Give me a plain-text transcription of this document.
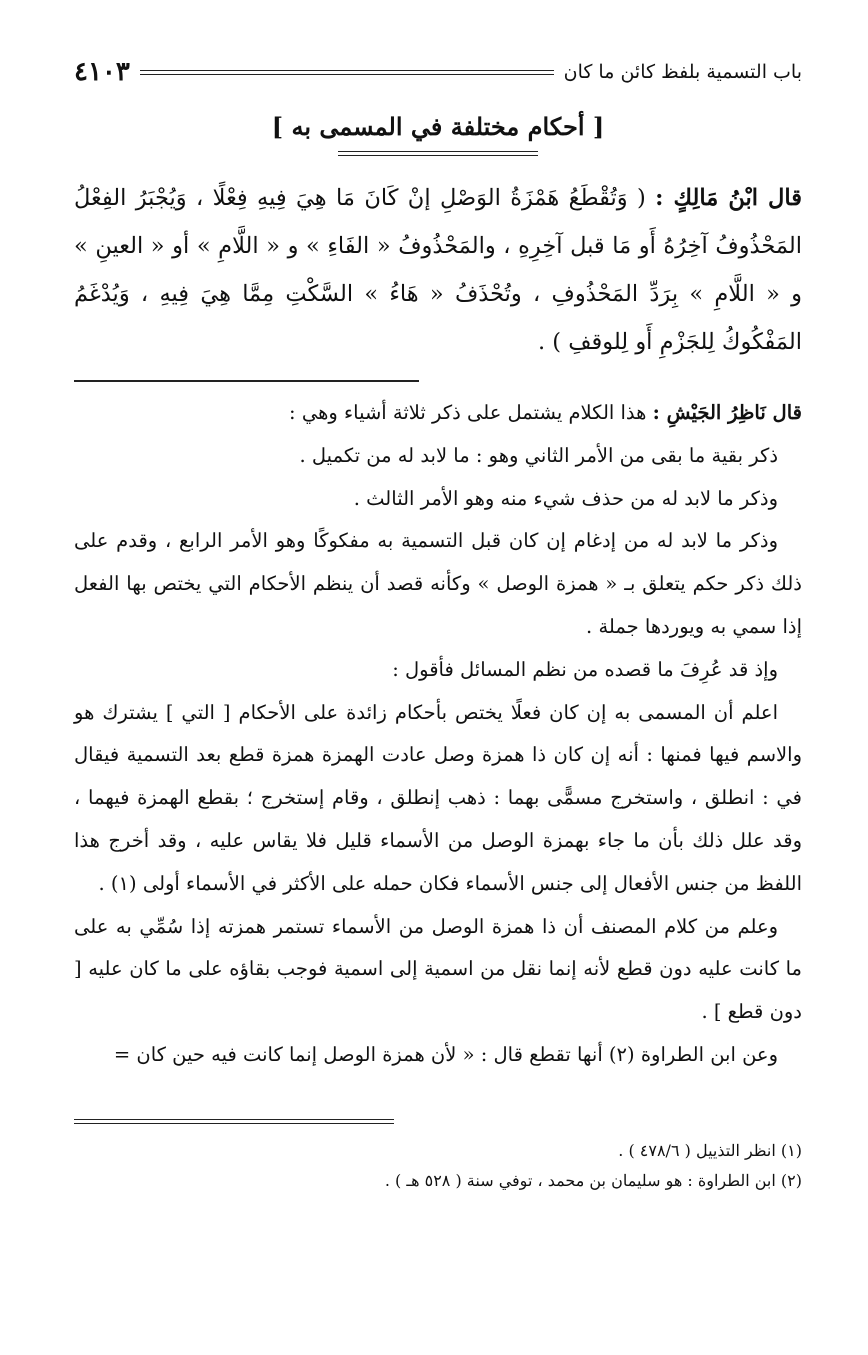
باب التسمية بلفظ كائن ما كان
٤١٠٣
[ أحكام مختلفة في المسمى به ]
قال ابْنُ مَالِكٍ : ( وَتُقْطَعُ هَمْزَةُ الوَصْلِ إنْ كَانَ مَا هِيَ فِيهِ فِعْلًا ، وَيُجْبَرُ الفِعْلُ المَحْذُوفُ آخِرُهُ أَو مَا قبل آخِرِهِ ، والمَحْذُوفُ « الفَاءِ » و « اللَّامِ » أو « العينِ » و « اللَّامِ » بِرَدِّ المَحْذُوفِ ، وتُحْذَفُ « هَاءُ » السَّكْتِ مِمَّا هِيَ فِيهِ ، وَيُدْغَمُ المَفْكُوكُ لِلجَزْمِ أَو لِلوقفِ ) .

قال نَاظِرُ الجَيْشِ : هذا الكلام يشتمل على ذكر ثلاثة أشياء وهي :

ذكر بقية ما بقى من الأمر الثاني وهو : ما لابد له من تكميل .

وذكر ما لابد له من حذف شيء منه وهو الأمر الثالث .

وذكر ما لابد له من إدغام إن كان قبل التسمية به مفكوكًا وهو الأمر الرابع ، وقدم على ذلك ذكر حكم يتعلق بـ « همزة الوصل » وكأنه قصد أن ينظم الأحكام التي يختص بها الفعل إذا سمي به ويوردها جملة .

وإذ قد عُرِفَ ما قصده من نظم المسائل فأقول :

اعلم أن المسمى به إن كان فعلًا يختص بأحكام زائدة على الأحكام [ التي ] يشترك هو والاسم فيها فمنها : أنه إن كان ذا همزة وصل عادت الهمزة همزة قطع بعد التسمية فيقال في : انطلق ، واستخرج مسمًّى بهما : ذهب إنطلق ، وقام إستخرج ؛ بقطع الهمزة فيهما ، وقد علل ذلك بأن ما جاء بهمزة الوصل من الأسماء قليل فلا يقاس عليه ، وقد أخرج هذا اللفظ من جنس الأفعال إلى جنس الأسماء فكان حمله على الأكثر في الأسماء أولى (١) .

وعلم من كلام المصنف أن ذا همزة الوصل من الأسماء تستمر همزته إذا سُمِّي به على ما كانت عليه دون قطع لأنه إنما نقل من اسمية إلى اسمية فوجب بقاؤه على ما كان عليه [ دون قطع ] .

وعن ابن الطراوة (٢) أنها تقطع قال : « لأن همزة الوصل إنما كانت فيه حين كان =

(١) انظر التذييل ( ٤٧٨/٦ ) .
(٢) ابن الطراوة : هو سليمان بن محمد ، توفي سنة ( ٥٢٨ هـ ) .
